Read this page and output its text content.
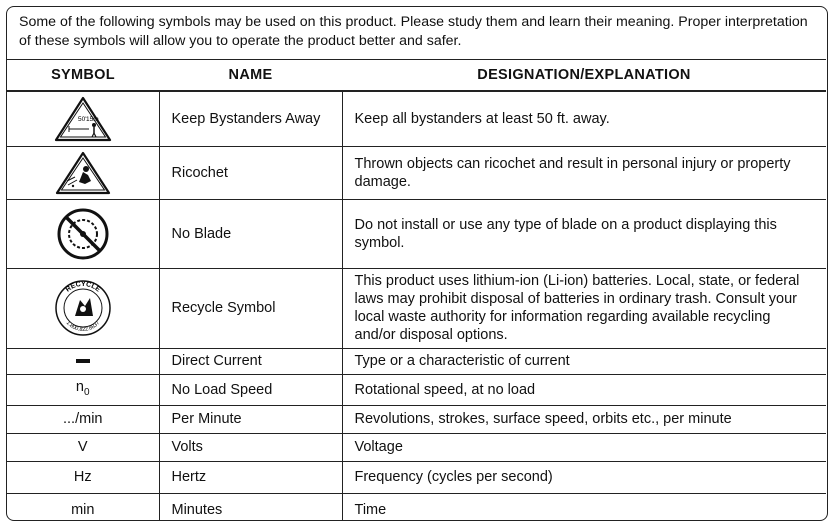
Some of the following symbols may be used on this product. Please study them and learn their meaning. Proper interpretation of these symbols will allow you to operate the product better and safer.
SYMBOL	NAME	DESIGNATION/EXPLANATION

50' 15m	Keep Bystanders Away	Keep all bystanders at least 50 ft. away.

	Ricochet	Thrown objects can ricochet and result in personal injury or property damage.

	No Blade	Do not install or use any type of blade on a product displaying this symbol.

RECYCLE
1.800.822.8837	Recycle Symbol	This product uses lithium-ion (Li-ion) batteries. Local, state, or federal laws may prohibit disposal of batteries in ordinary trash. Consult your local waste authority for information regarding available recycling and/or disposal options.
	Direct Current	Type or a characteristic of current
$n_0$	No Load Speed	Rotational speed, at no load
.../min	Per Minute	Revolutions, strokes, surface speed, orbits etc., per minute
V	Volts	Voltage
Hz	Hertz	Frequency (cycles per second)
min	Minutes	Time
